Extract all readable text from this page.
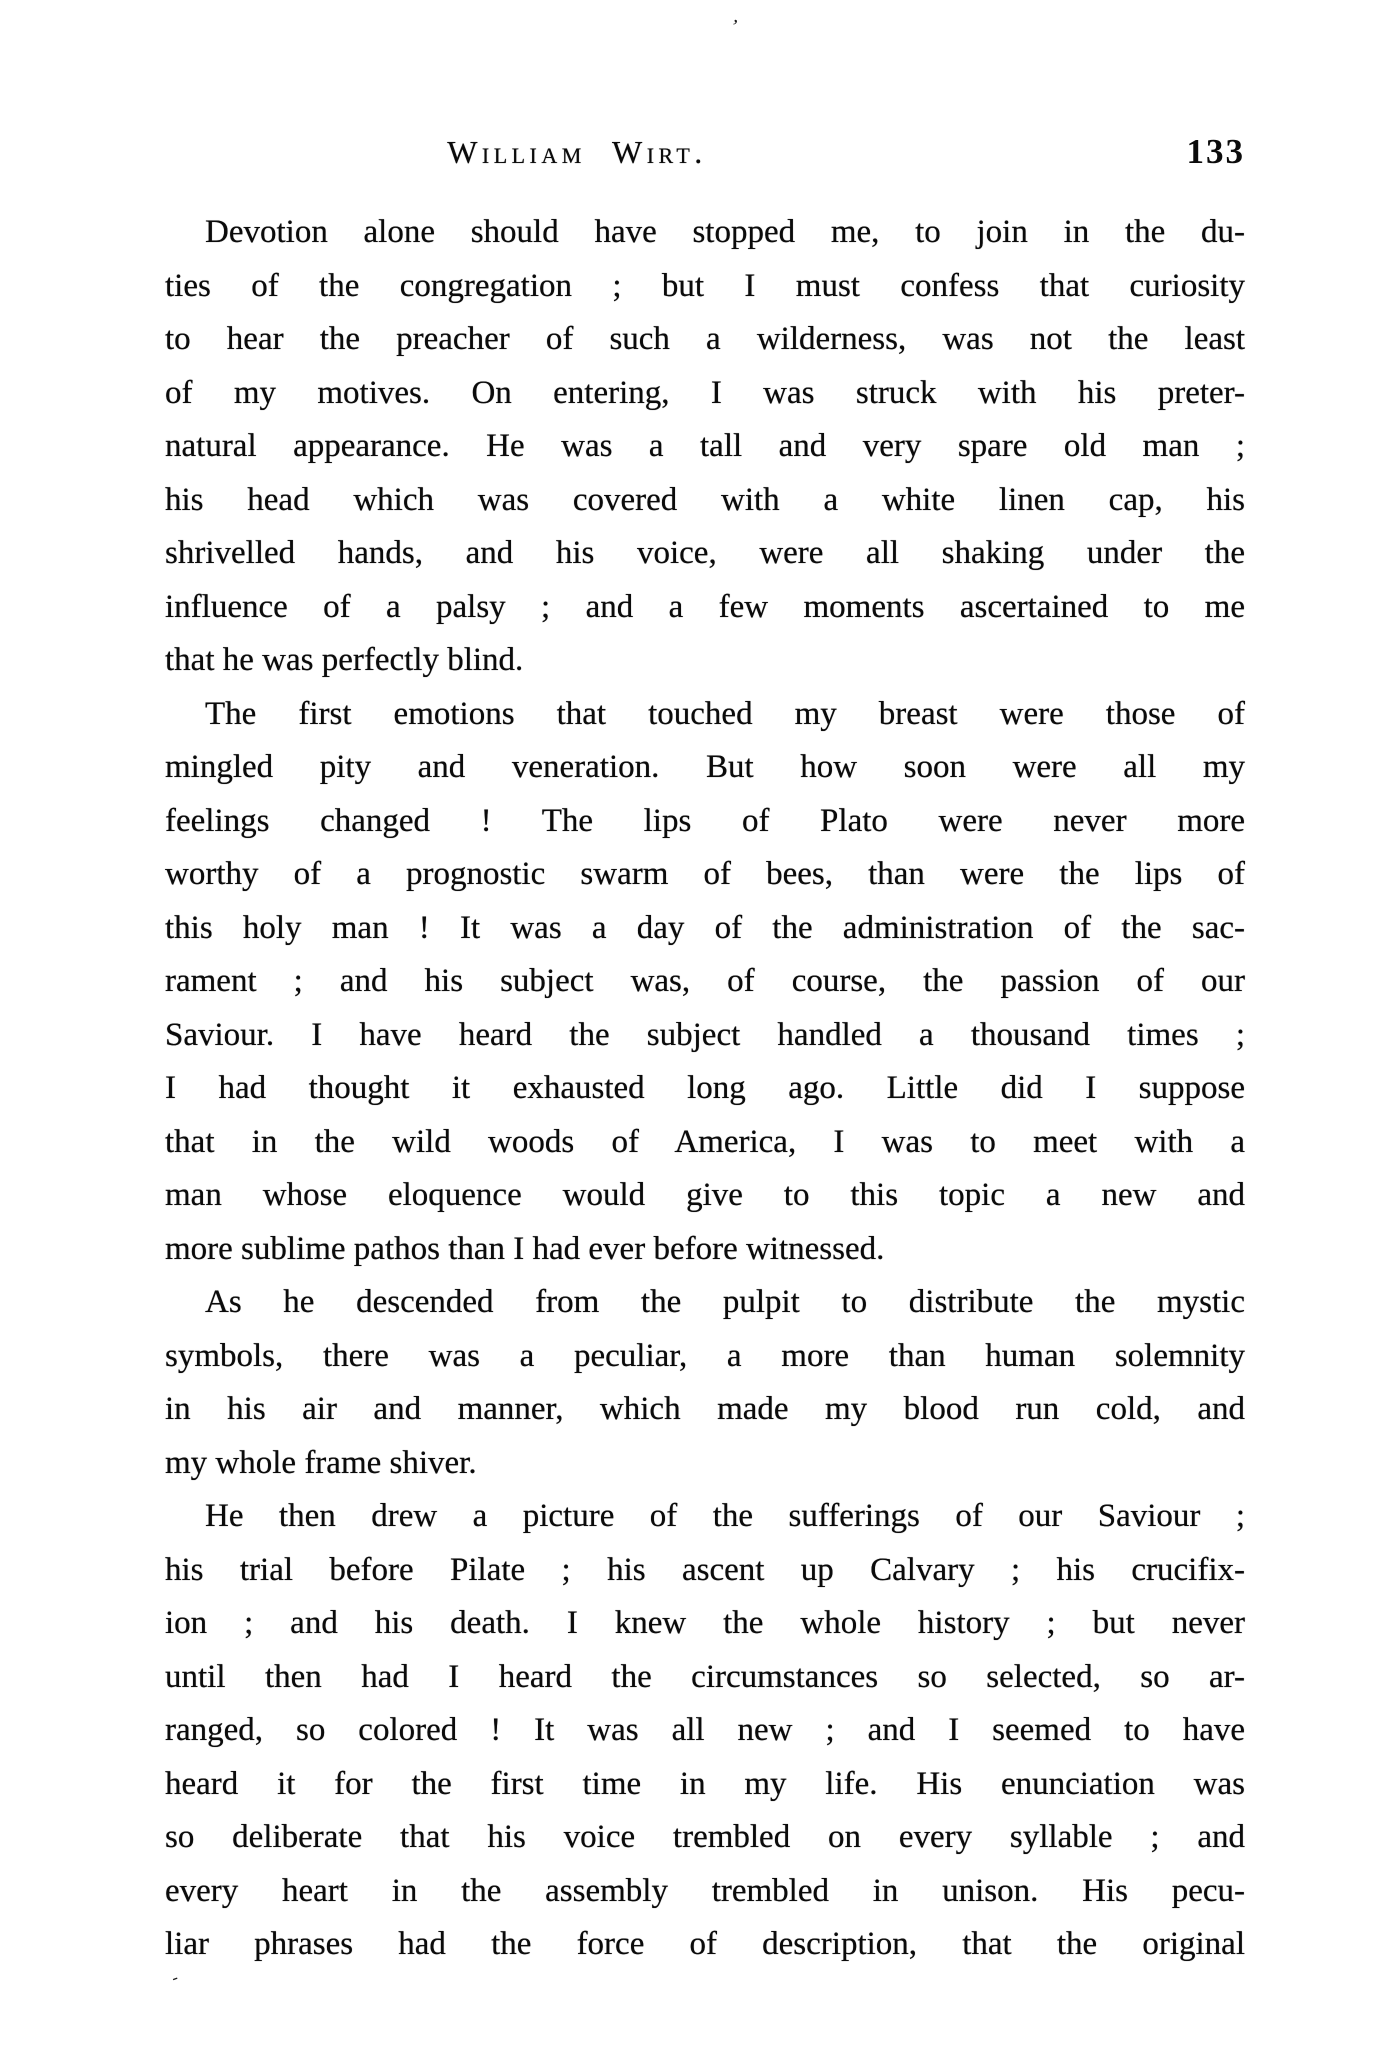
’
William Wirt.	133
Devotion alone should have stopped me, to join in the du-
ties of the congregation ; but I must confess that curiosity
to hear the preacher of such a wilderness, was not the least
of my motives. On entering, I was struck with his preter-
natural appearance. He was a tall and very spare old man ;
his head which was covered with a white linen cap, his
shrivelled hands, and his voice, were all shaking under the
influence of a palsy ; and a few moments ascertained to me
that he was perfectly blind.
The first emotions that touched my breast were those of
mingled pity and veneration. But how soon were all my
feelings changed ! The lips of Plato were never more
worthy of a prognostic swarm of bees, than were the lips of
this holy man ! It was a day of the administration of the sac-
rament ; and his subject was, of course, the passion of our
Saviour. I have heard the subject handled a thousand times ;
I had thought it exhausted long ago. Little did I suppose
that in the wild woods of America, I was to meet with a
man whose eloquence would give to this topic a new and
more sublime pathos than I had ever before witnessed.
As he descended from the pulpit to distribute the mystic
symbols, there was a peculiar, a more than human solemnity
in his air and manner, which made my blood run cold, and
my whole frame shiver.
He then drew a picture of the sufferings of our Saviour ;
his trial before Pilate ; his ascent up Calvary ; his crucifix-
ion ; and his death. I knew the whole history ; but never
until then had I heard the circumstances so selected, so ar-
ranged, so colored ! It was all new ; and I seemed to have
heard it for the first time in my life. His enunciation was
so deliberate that his voice trembled on every syllable ; and
every heart in the assembly trembled in unison. His pecu-
liar phrases had the force of description, that the original
-
